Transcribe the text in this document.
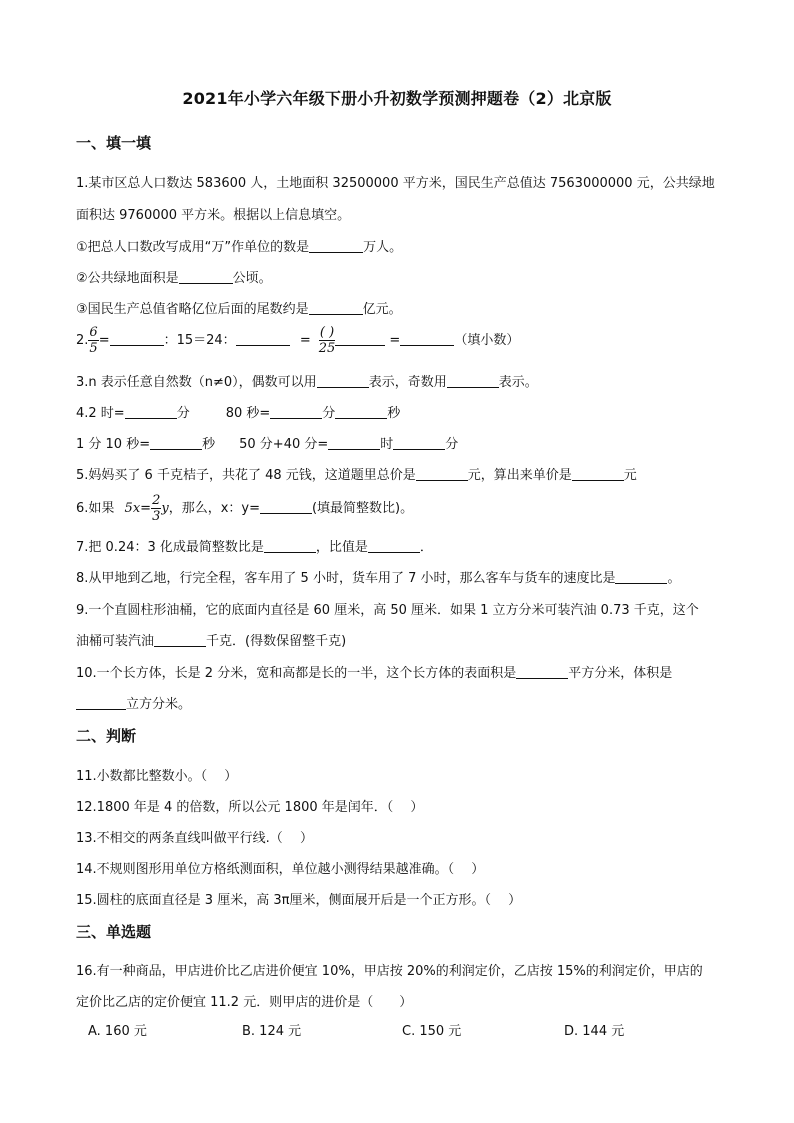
2021年小学六年级下册小升初数学预测押题卷（2）北京版
一、填一填
1.某市区总人口数达 583600 人，土地面积 32500000 平方米，国民生产总值达 7563000000 元，公共绿地
面积达 9760000 平方米。根据以上信息填空。
①把总人口数改写成用“万”作单位的数是	万人。
②公共绿地面积是	公顷。
③国民生产总值省略亿位后面的尾数约是	亿元。
2. $\frac{6}{5}$ =	：15＝24：	= $\frac{( )}{25}$	=	（填小数）
3.n 表示任意自然数（n≠0），偶数可以用	表示，奇数用	表示。
4.2 时=	分	80 秒=	分	秒
1 分 10 秒=	秒 50 分+40 分=	时	分
5.妈妈买了 6 千克桔子，共花了 48 元钱，这道题里总价是	元，算出来单价是	元
6.如果 $5x= \frac{2}{3}$ y，那么，x：y=	(填最简整数比)。
7.把 0.24：3 化成最简整数比是	，比值是	．
8.从甲地到乙地，行完全程，客车用了 5 小时，货车用了 7 小时，那么客车与货车的速度比是	。
9.一个直圆柱形油桶，它的底面内直径是 60 厘米，高 50 厘米．如果 1 立方分米可装汽油 0.73 千克，这个
油桶可装汽油	千克．(得数保留整千克)
10.一个长方体，长是 2 分米，宽和高都是长的一半，这个长方体的表面积是	平方分米，体积是
立方分米。
二、判断
11.小数都比整数小。（　 ）
12.1800 年是 4 的倍数，所以公元 1800 年是闰年．（　 ）
13.不相交的两条直线叫做平行线.（　 ）
14.不规则图形用单位方格纸测面积，单位越小测得结果越准确。（　 ）
15.圆柱的底面直径是 3 厘米，高 3π厘米，侧面展开后是一个正方形。（　 ）
三、单选题
16.有一种商品，甲店进价比乙店进价便宜 10%，甲店按 20%的利润定价，乙店按 15%的利润定价，甲店的
定价比乙店的定价便宜 11.2 元．则甲店的进价是（　　）
A. 160 元	B. 124 元	C. 150 元	D. 144 元
